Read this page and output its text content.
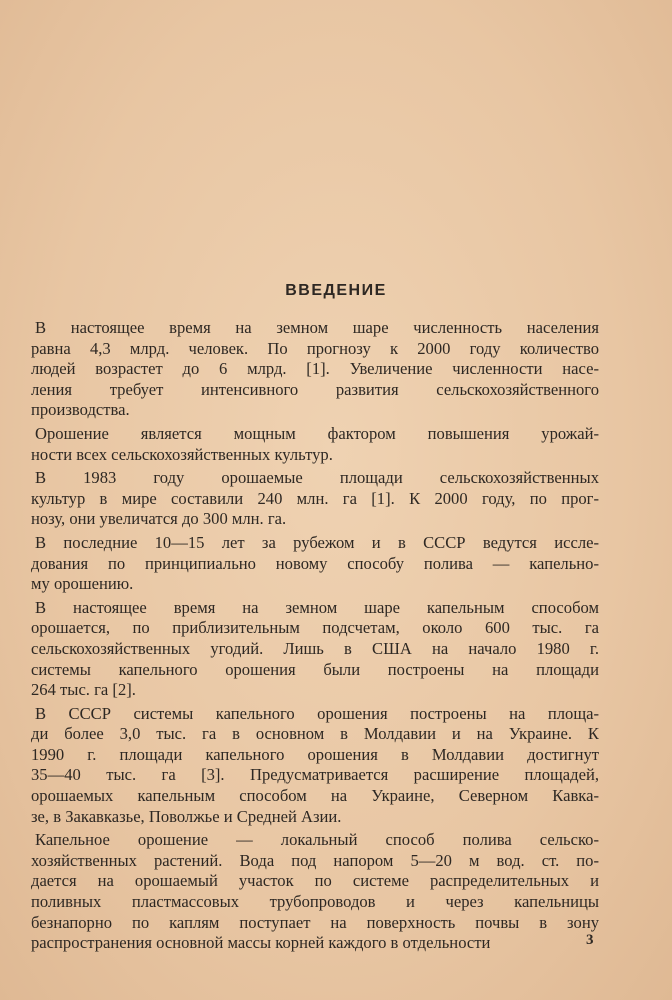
ВВЕДЕНИЕ
В настоящее время на земном шаре численность населения
равна 4,3 млрд. человек. По прогнозу к 2000 году количество
людей возрастет до 6 млрд. [1]. Увеличение численности насе-
ления требует интенсивного развития сельскохозяйственного
производства.
Орошение является мощным фактором повышения урожай-
ности всех сельскохозяйственных культур.
В 1983 году орошаемые площади сельскохозяйственных
культур в мире составили 240 млн. га [1]. К 2000 году, по прог-
нозу, они увеличатся до 300 млн. га.
В последние 10—15 лет за рубежом и в СССР ведутся иссле-
дования по принципиально новому способу полива — капельно-
му орошению.
В настоящее время на земном шаре капельным способом
орошается, по приблизительным подсчетам, около 600 тыс. га
сельскохозяйственных угодий. Лишь в США на начало 1980 г.
системы капельного орошения были построены на площади
264 тыс. га [2].
В СССР системы капельного орошения построены на площа-
ди более 3,0 тыс. га в основном в Молдавии и на Украине. К
1990 г. площади капельного орошения в Молдавии достигнут
35—40 тыс. га [3]. Предусматривается расширение площадей,
орошаемых капельным способом на Украине, Северном Кавка-
зе, в Закавказье, Поволжье и Средней Азии.
Капельное орошение — локальный способ полива сельско-
хозяйственных растений. Вода под напором 5—20 м вод. ст. по-
дается на орошаемый участок по системе распределительных и
поливных пластмассовых трубопроводов и через капельницы
безнапорно по каплям поступает на поверхность почвы в зону
распространения основной массы корней каждого в отдельности	3
